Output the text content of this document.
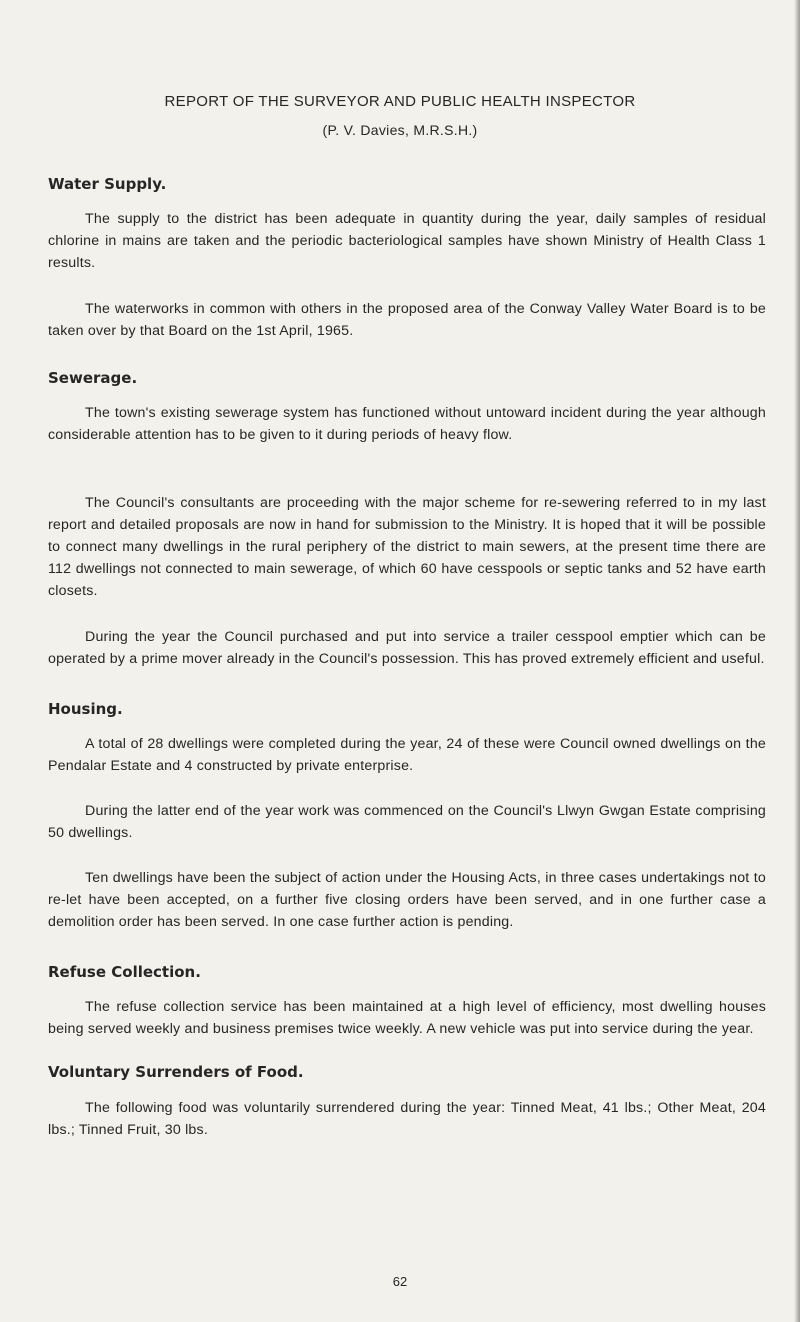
REPORT OF THE SURVEYOR AND PUBLIC HEALTH INSPECTOR
(P. V. Davies, M.R.S.H.)
Water Supply.
The supply to the district has been adequate in quantity during the year, daily samples of residual chlorine in mains are taken and the periodic bacteriological samples have shown Ministry of Health Class 1 results.
The waterworks in common with others in the proposed area of the Conway Valley Water Board is to be taken over by that Board on the 1st April, 1965.
Sewerage.
The town's existing sewerage system has functioned without untoward incident during the year although considerable attention has to be given to it during periods of heavy flow.
The Council's consultants are proceeding with the major scheme for re-sewering referred to in my last report and detailed proposals are now in hand for submission to the Ministry. It is hoped that it will be possible to connect many dwellings in the rural periphery of the district to main sewers, at the present time there are 112 dwellings not connected to main sewerage, of which 60 have cesspools or septic tanks and 52 have earth closets.
During the year the Council purchased and put into service a trailer cesspool emptier which can be operated by a prime mover already in the Council's possession. This has proved extremely efficient and useful.
Housing.
A total of 28 dwellings were completed during the year, 24 of these were Council owned dwellings on the Pendalar Estate and 4 constructed by private enterprise.
During the latter end of the year work was commenced on the Council's Llwyn Gwgan Estate comprising 50 dwellings.
Ten dwellings have been the subject of action under the Housing Acts, in three cases undertakings not to re-let have been accepted, on a further five closing orders have been served, and in one further case a demolition order has been served. In one case further action is pending.
Refuse Collection.
The refuse collection service has been maintained at a high level of efficiency, most dwelling houses being served weekly and business premises twice weekly. A new vehicle was put into service during the year.
Voluntary Surrenders of Food.
The following food was voluntarily surrendered during the year: Tinned Meat, 41 lbs.; Other Meat, 204 lbs.; Tinned Fruit, 30 lbs.
62
